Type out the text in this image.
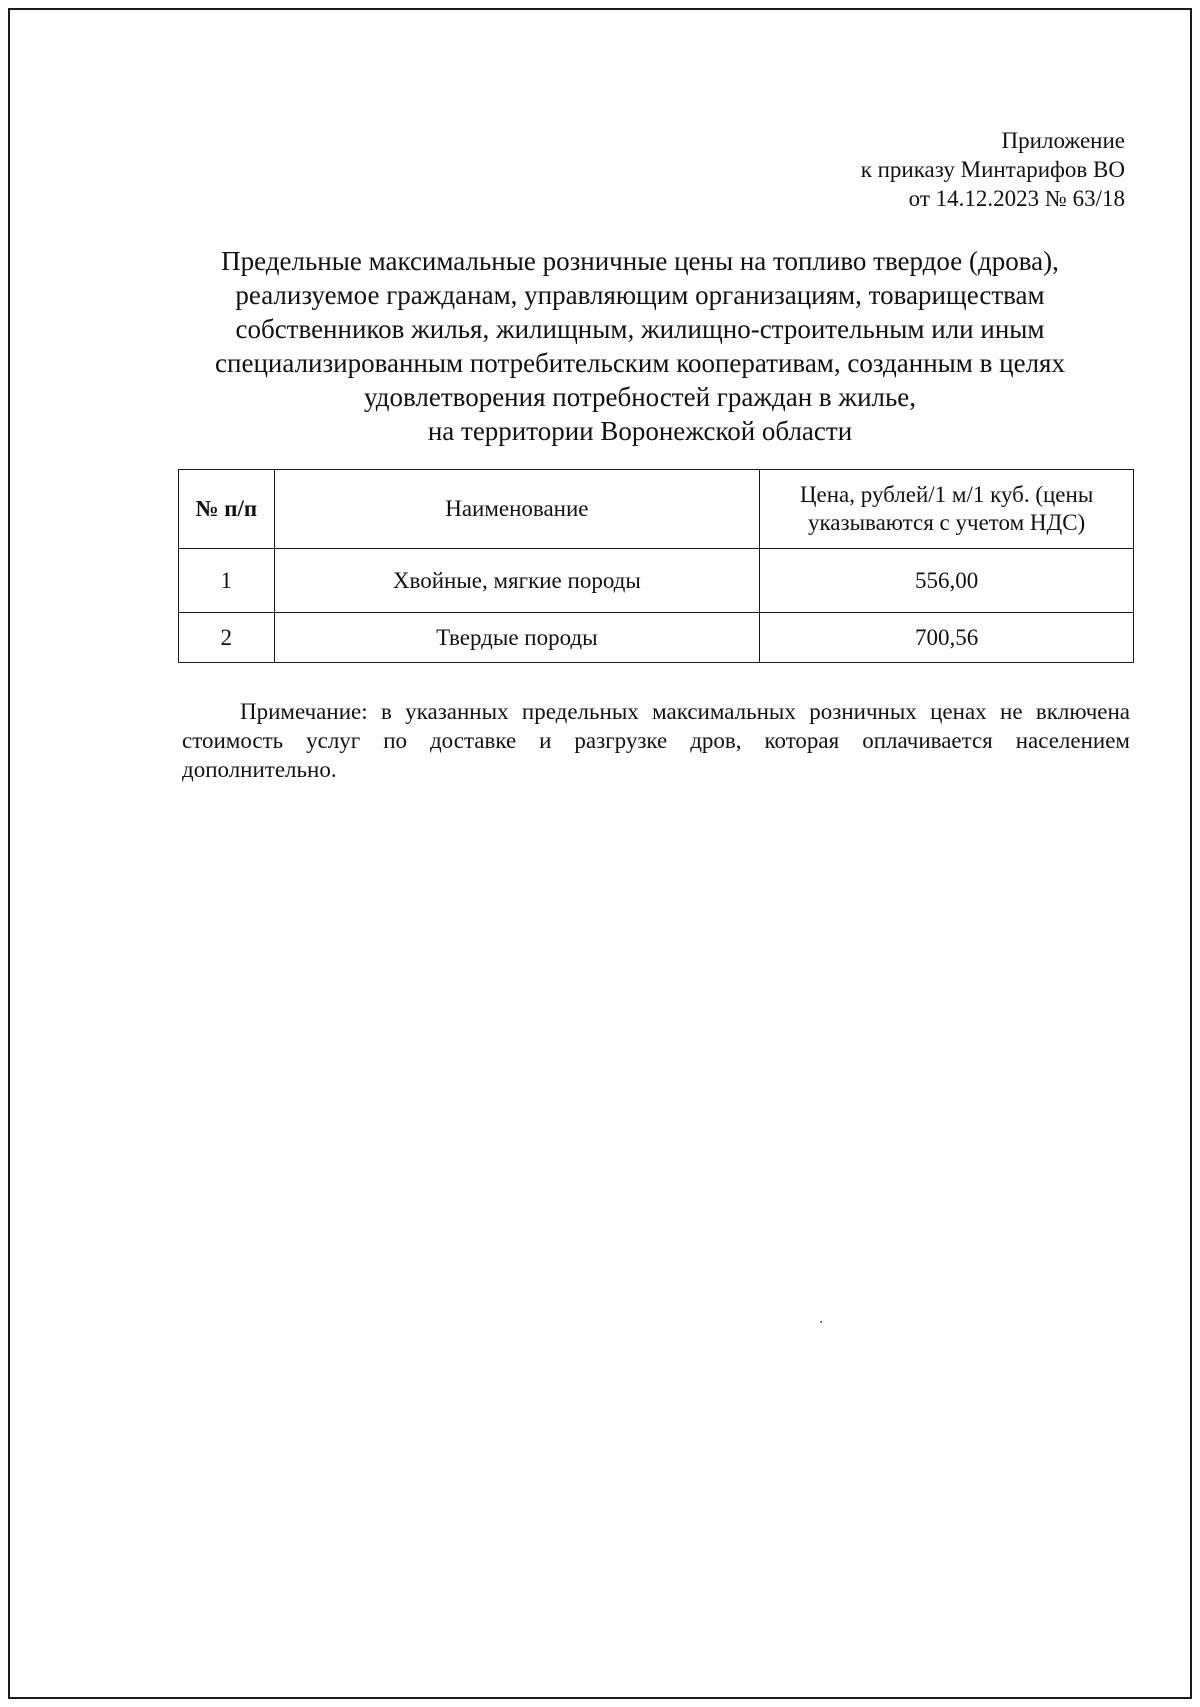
Приложение
к приказу Минтарифов ВО
от 14.12.2023 № 63/18
Предельные максимальные розничные цены на топливо твердое (дрова),
реализуемое гражданам, управляющим организациям, товариществам
собственников жилья, жилищным, жилищно-строительным или иным
специализированным потребительским кооперативам, созданным в целях
удовлетворения потребностей граждан в жилье,
на территории Воронежской области
№ п/п	Наименование	Цена, рублей/1 м/1 куб. (цены
указываются с учетом НДС)

1	Хвойные, мягкие породы	556,00
2	Твердые породы	700,56
Примечание: в указанных предельных максимальных розничных ценах не включена стоимость услуг по доставке и разгрузке дров, которая оплачивается населением дополнительно.
